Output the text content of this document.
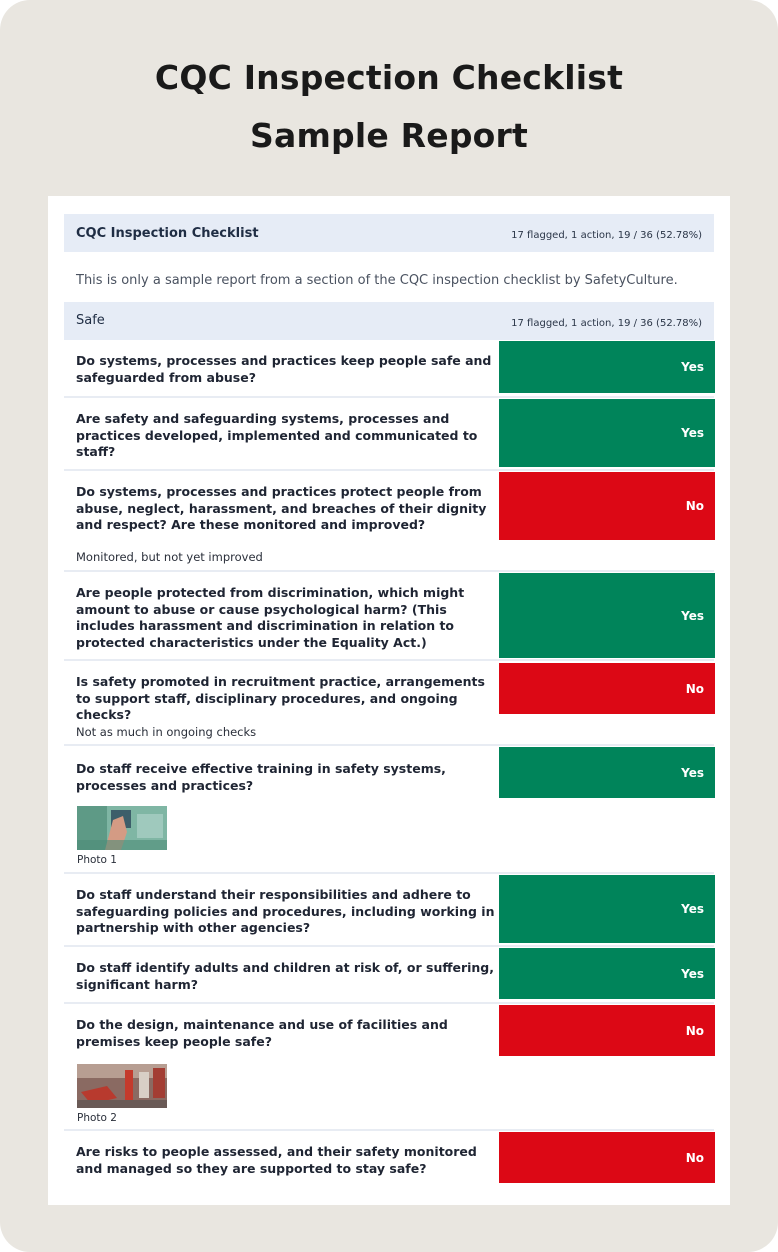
CQC Inspection Checklist
Sample Report
CQC Inspection Checklist	17 flagged, 1 action, 19 / 36 (52.78%)
This is only a sample report from a section of the CQC inspection checklist by SafetyCulture.
Safe	17 flagged, 1 action, 19 / 36 (52.78%)
Do systems, processes and practices keep people safe and safeguarded from abuse?
Yes
Are safety and safeguarding systems, processes and practices developed, implemented and communicated to staff?
Yes
Do systems, processes and practices protect people from abuse, neglect, harassment, and breaches of their dignity and respect? Are these monitored and improved?
No
Monitored, but not yet improved
Are people protected from discrimination, which might amount to abuse or cause psychological harm? (This includes harassment and discrimination in relation to protected characteristics under the Equality Act.)
Yes
Is safety promoted in recruitment practice, arrangements to support staff, disciplinary procedures, and ongoing checks?
No
Not as much in ongoing checks
Do staff receive effective training in safety systems, processes and practices?
Yes
Photo 1
Do staff understand their responsibilities and adhere to safeguarding policies and procedures, including working in partnership with other agencies?
Yes
Do staff identify adults and children at risk of, or suffering, significant harm?
Yes
Do the design, maintenance and use of facilities and premises keep people safe?
No
Photo 2
Are risks to people assessed, and their safety monitored and managed so they are supported to stay safe?
No
